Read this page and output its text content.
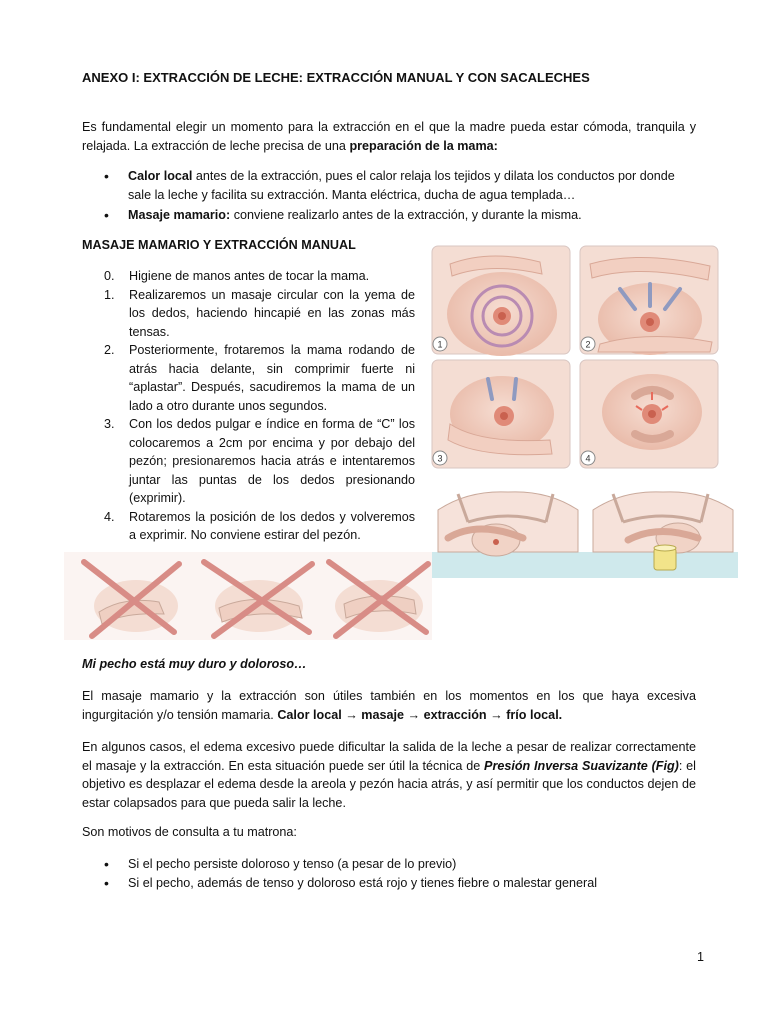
ANEXO I: EXTRACCIÓN DE LECHE: EXTRACCIÓN MANUAL Y CON SACALECHES

Es fundamental elegir un momento para la extracción en el que la madre pueda estar cómoda, tranquila y relajada. La extracción de leche precisa de una preparación de la mama:

• Calor local antes de la extracción, pues el calor relaja los tejidos y dilata los conductos por donde sale la leche y facilita su extracción. Manta eléctrica, ducha de agua templada…
• Masaje mamario: conviene realizarlo antes de la extracción, y durante la misma.
MASAJE MAMARIO Y EXTRACCIÓN MANUAL
0. Higiene de manos antes de tocar la mama.
1. Realizaremos un masaje circular con la yema de los dedos, haciendo hincapié en las zonas más tensas.
2. Posteriormente, frotaremos la mama rodando de atrás hacia delante, sin comprimir fuerte ni “aplastar”. Después, sacudiremos la mama de un lado a otro durante unos segundos.
3. Con los dedos pulgar e índice en forma de “C” los colocaremos a 2cm por encima y por debajo del pezón; presionaremos hacia atrás e intentaremos juntar las puntas de los dedos presionando (exprimir).
4. Rotaremos la posición de los dedos y volveremos a exprimir. No conviene estirar del pezón.
1	2
3	4
Mi pecho está muy duro y doloroso…

El masaje mamario y la extracción son útiles también en los momentos en los que haya excesiva ingurgitación y/o tensión mamaria. Calor local → masaje → extracción → frío local.

En algunos casos, el edema excesivo puede dificultar la salida de la leche a pesar de realizar correctamente el masaje y la extracción. En esta situación puede ser útil la técnica de Presión Inversa Suavizante (Fig): el objetivo es desplazar el edema desde la areola y pezón hacia atrás, y así permitir que los conductos dejen de estar colapsados para que pueda salir la leche.

Son motivos de consulta a tu matrona:
• Si el pecho persiste doloroso y tenso (a pesar de lo previo)
• Si el pecho, además de tenso y doloroso está rojo y tienes fiebre o malestar general
1
